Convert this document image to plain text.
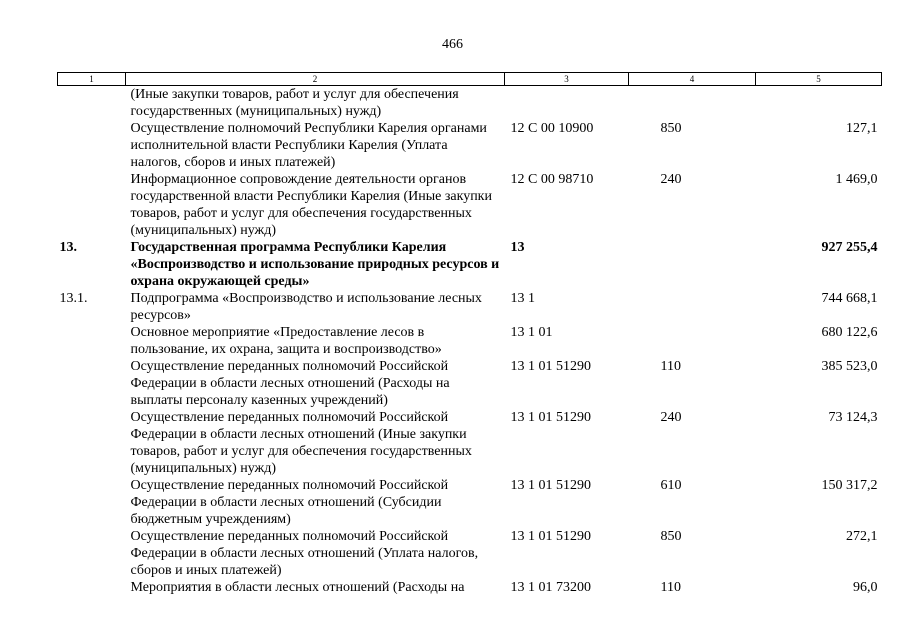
466
1	2	3	4	5
	(Иные закупки товаров, работ и услуг для обеспечения государственных (муниципальных) нужд)			
	Осуществление полномочий Республики Карелия органами исполнительной власти Республики Карелия (Уплата налогов, сборов и иных платежей)	12 С 00 10900	850	127,1
	Информационное сопровождение деятельности органов государственной власти Республики Карелия (Иные закупки товаров, работ и услуг для обеспечения государственных (муниципальных) нужд)	12 С 00 98710	240	1 469,0
13.	Государственная программа Республики Карелия «Воспроизводство и использование природных ресурсов и охрана окружающей среды»	13		927 255,4
13.1.	Подпрограмма «Воспроизводство и использование лесных ресурсов»	13 1		744 668,1
	Основное мероприятие «Предоставление лесов в пользование, их охрана, защита и воспроизводство»	13 1 01		680 122,6
	Осуществление переданных полномочий Российской Федерации в области лесных отношений (Расходы на выплаты персоналу казенных учреждений)	13 1 01 51290	110	385 523,0
	Осуществление переданных полномочий Российской Федерации в области лесных отношений (Иные закупки товаров, работ и услуг для обеспечения государственных (муниципальных) нужд)	13 1 01 51290	240	73 124,3
	Осуществление переданных полномочий Российской Федерации в области лесных отношений (Субсидии бюджетным учреждениям)	13 1 01 51290	610	150 317,2
	Осуществление переданных полномочий Российской Федерации в области лесных отношений (Уплата налогов, сборов и иных платежей)	13 1 01 51290	850	272,1
	Мероприятия в области лесных отношений (Расходы на	13 1 01 73200	110	96,0
